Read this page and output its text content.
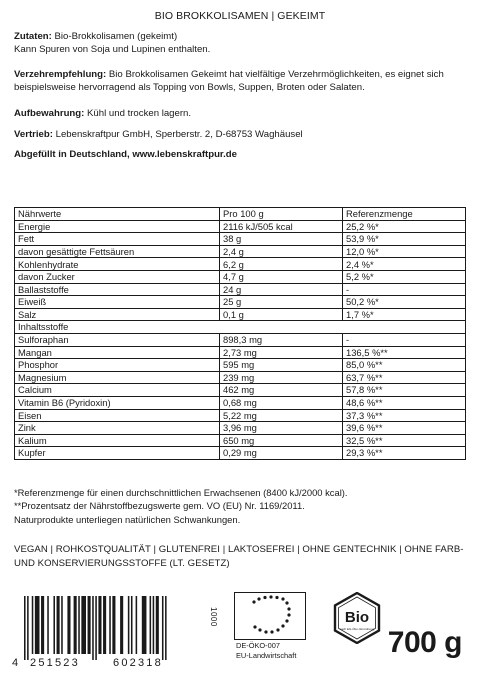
BIO BROKKOLISAMEN | GEKEIMT
Zutaten: Bio-Brokkolisamen (gekeimt)
Kann Spuren von Soja und Lupinen enthalten.
Verzehrempfehlung: Bio Brokkolisamen Gekeimt hat vielfältige Verzehrmöglichkeiten, es eignet sich beispielsweise hervorragend als Topping von Bowls, Suppen, Broten oder Salaten.
Aufbewahrung: Kühl und trocken lagern.
Vertrieb: Lebenskraftpur GmbH, Sperberstr. 2, D-68753 Waghäusel
Abgefüllt in Deutschland, www.lebenskraftpur.de
Nährwerte	Pro 100 g	Referenzmenge
Energie	2116 kJ/505 kcal	25,2 %*
Fett	38 g	53,9 %*
davon gesättigte Fettsäuren	2,4 g	12,0 %*
Kohlenhydrate	6,2 g	2,4 %*
davon Zucker	4,7 g	5,2 %*
Ballaststoffe	24 g	-
Eiweiß	25 g	50,2 %*
Salz	0,1 g	1,7 %*
Inhaltsstoffe		
Sulforaphan	898,3 mg	-
Mangan	2,73 mg	136,5 %**
Phosphor	595 mg	85,0 %**
Magnesium	239 mg	63,7 %**
Calcium	462 mg	57,8 %**
Vitamin B6 (Pyridoxin)	0,68 mg	48,6 %**
Eisen	5,22 mg	37,3 %**
Zink	3,96 mg	39,6 %**
Kalium	650 mg	32,5 %**
Kupfer	0,29 mg	29,3 %**
*Referenzmenge für einen durchschnittlichen Erwachsenen (8400 kJ/2000 kcal).
**Prozentsatz der Nährstoffbezugswerte gem. VO (EU) Nr. 1169/2011.
Naturprodukte unterliegen natürlichen Schwankungen.
VEGAN | ROHKOSTQUALITÄT | GLUTENFREI | LAKTOSEFREI | OHNE GENTECHNIK | OHNE FARB- UND KONSERVIERUNGSSTOFFE (LT. GESETZ)
4 251523	602318
1000
DE-ÖKO-007
EU-Landwirtschaft
Bio
nach EG-Öko-Verordnung 700 g
